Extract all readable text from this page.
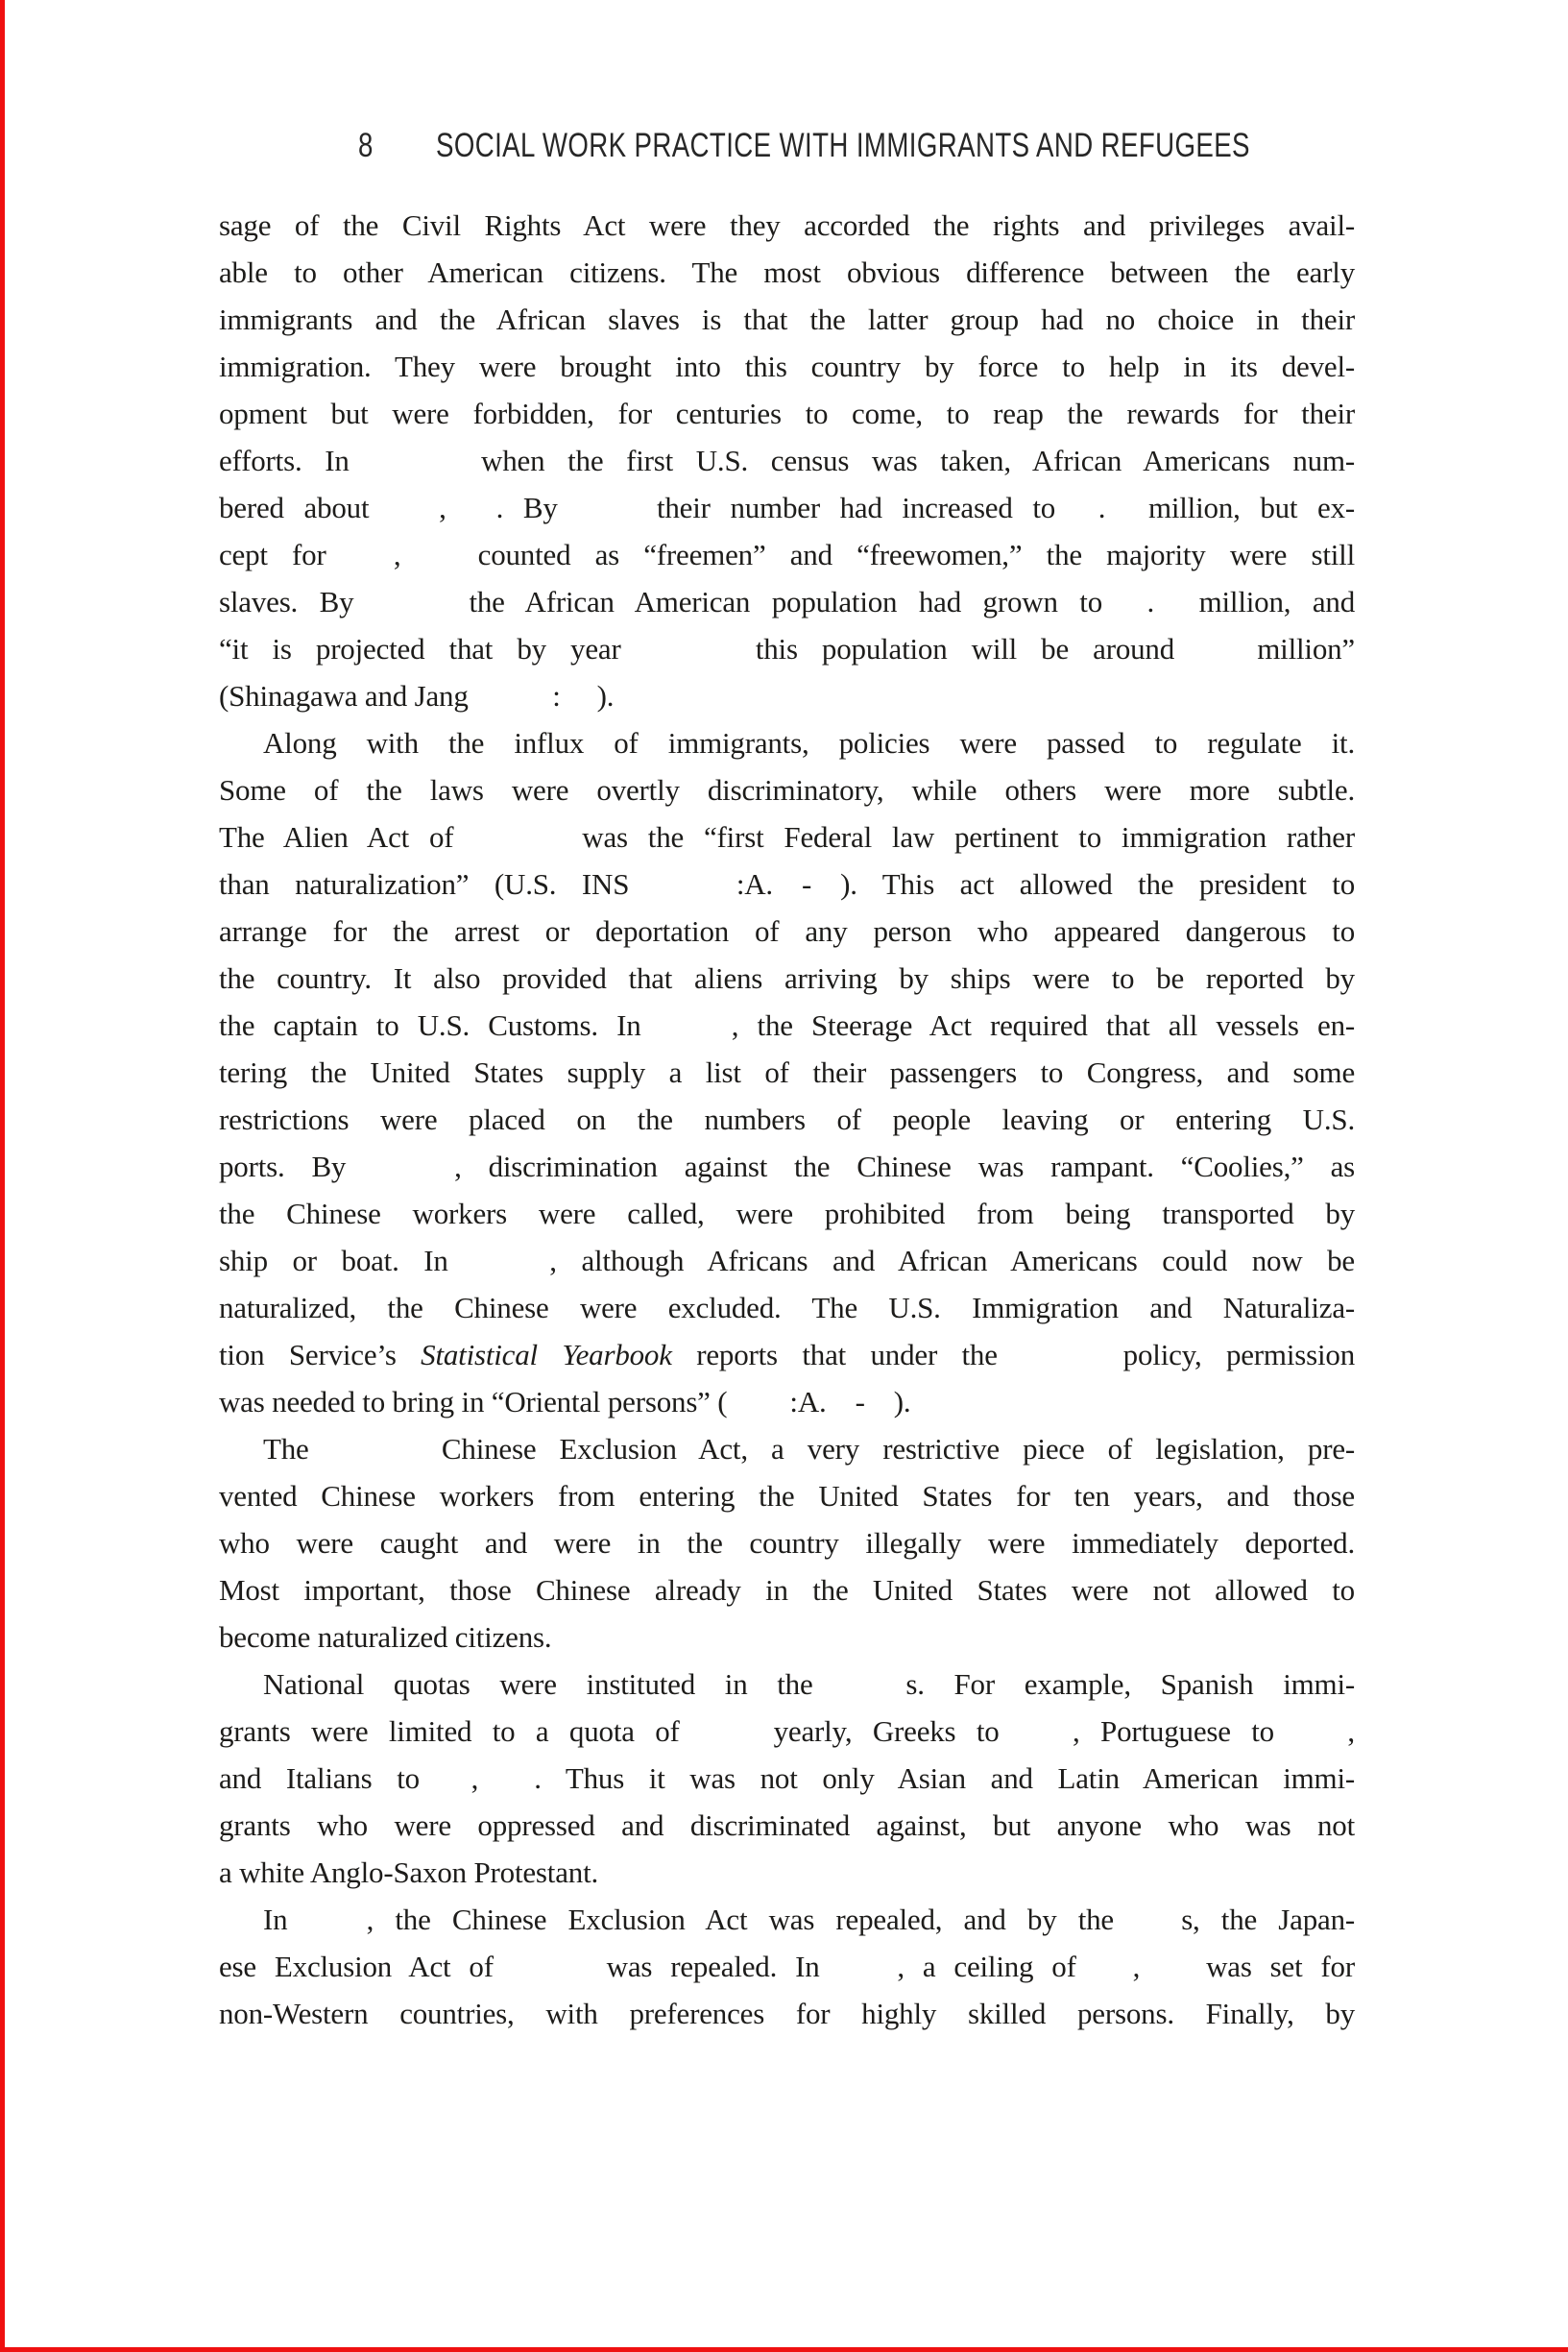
8 SOCIAL WORK PRACTICE WITH IMMIGRANTS AND REFUGEES
sage of the Civil Rights Act were they accorded the rights and privileges avail-
able to other American citizens. The most obvious difference between the early
immigrants and the African slaves is that the latter group had no choice in their
immigration. They were brought into this country by force to help in its devel-
opment but were forbidden, for centuries to come, to reap the rewards for their
efforts. In	when the first U.S. census was taken, African Americans num-
bered about , . By  their number had increased to . million, but ex-
cept for , counted as “freemen” and “freewomen,” the majority were still
slaves. By  the African American population had grown to . million, and
“it is projected that by year	this population will be around  million”
(Shinagawa and Jang	: ).
Along with the influx of immigrants, policies were passed to regulate it.
Some of the laws were overtly discriminatory, while others were more subtle.
The Alien Act of	was the “first Federal law pertinent to immigration rather
than naturalization” (U.S. INS	:A. - ). This act allowed the president to
arrange for the arrest or deportation of any person who appeared dangerous to
the country. It also provided that aliens arriving by ships were to be reported by
the captain to U.S. Customs. In , the Steerage Act required that all vessels en-
tering the United States supply a list of their passengers to Congress, and some
restrictions were placed on the numbers of people leaving or entering U.S.
ports. By	, discrimination against the Chinese was rampant. “Coolies,” as
the Chinese workers were called, were prohibited from being transported by
ship or boat. In	, although Africans and African Americans could now be
naturalized, the Chinese were excluded. The U.S. Immigration and Naturaliza-
tion Service’s Statistical Yearbook reports that under the	policy, permission
was needed to bring in “Oriental persons” ( :A. - ).
The	Chinese Exclusion Act, a very restrictive piece of legislation, pre-
vented Chinese workers from entering the United States for ten years, and those
who were caught and were in the country illegally were immediately deported.
Most important, those Chinese already in the United States were not allowed to
become naturalized citizens.
National quotas were instituted in the s. For example, Spanish immi-
grants were limited to a quota of  yearly, Greeks to , Portuguese to ,
and Italians to , . Thus it was not only Asian and Latin American immi-
grants who were oppressed and discriminated against, but anyone who was not
a white Anglo-Saxon Protestant.
In , the Chinese Exclusion Act was repealed, and by the s, the Japan-
ese Exclusion Act of	was repealed. In , a ceiling of , was set for
non-Western countries, with preferences for highly skilled persons. Finally, by
